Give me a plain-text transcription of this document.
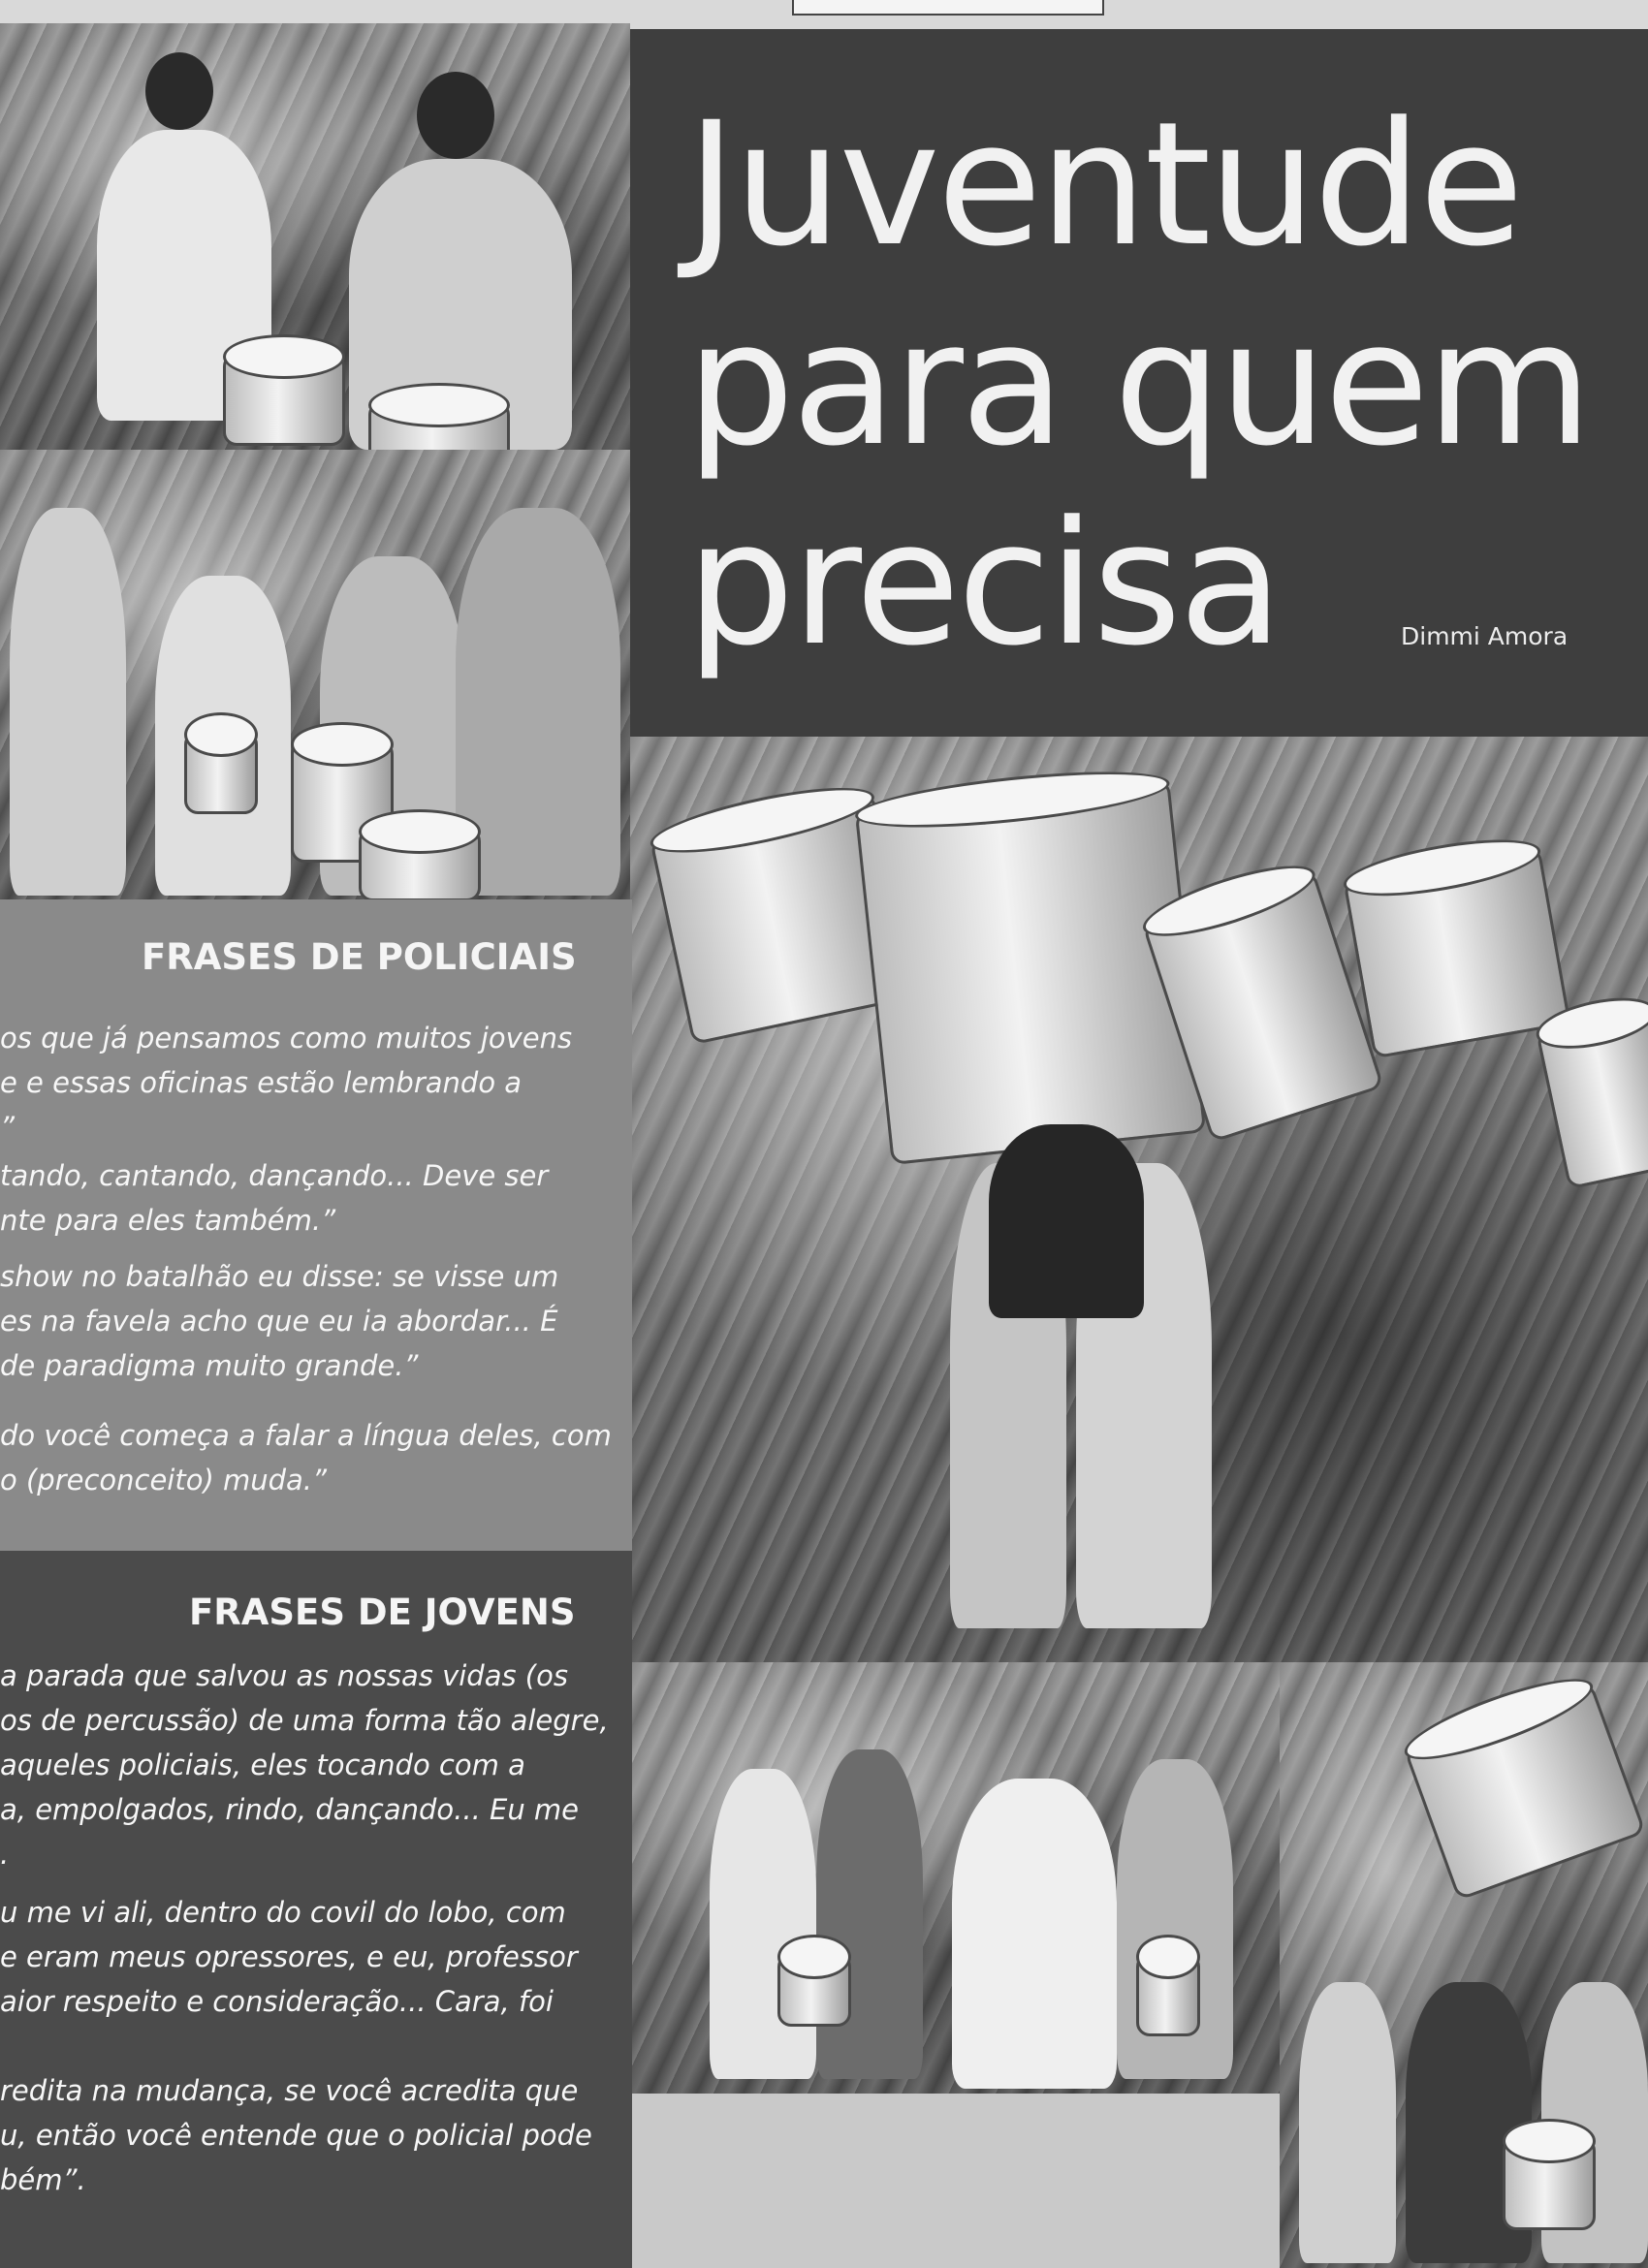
Juventude
para quem
precisa	Dimmi Amora
FRASES DE POLICIAIS

os que já pensamos como muitos jovens
e e essas oficinas estão lembrando a
”

tando, cantando, dançando... Deve ser
nte para eles também.”

show no batalhão eu disse: se visse um
es na favela acho que eu ia abordar... É
de paradigma muito grande.”

do você começa a falar a língua deles, com
o (preconceito) muda.”

FRASES DE JOVENS

a parada que salvou as nossas vidas (os
os de percussão) de uma forma tão alegre,
aqueles policiais, eles tocando com a
a, empolgados, rindo, dançando... Eu me
.

u me vi ali, dentro do covil do lobo, com
e eram meus opressores, e eu, professor
aior respeito e consideração... Cara, foi

redita na mudança, se você acredita que
u, então você entende que o policial pode
bém”.
